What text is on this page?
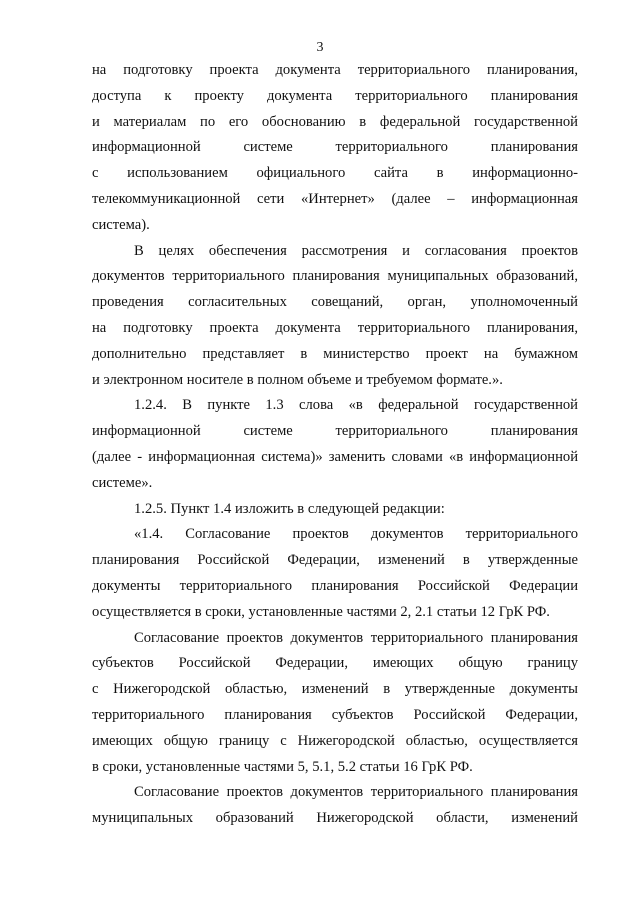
3
на подготовку проекта документа территориального планирования,
доступа к проекту документа территориального планирования
и материалам по его обоснованию в федеральной государственной
информационной системе территориального планирования
с использованием официального сайта в информационно-
телекоммуникационной сети «Интернет» (далее – информационная
система).
В целях обеспечения рассмотрения и согласования проектов
документов территориального планирования муниципальных образований,
проведения согласительных совещаний, орган, уполномоченный
на подготовку проекта документа территориального планирования,
дополнительно представляет в министерство проект на бумажном
и электронном носителе в полном объеме и требуемом формате.».
1.2.4. В пункте 1.3 слова «в федеральной государственной
информационной системе территориального планирования
(далее - информационная система)» заменить словами «в информационной
системе».
1.2.5. Пункт 1.4 изложить в следующей редакции:
«1.4. Согласование проектов документов территориального
планирования Российской Федерации, изменений в утвержденные
документы территориального планирования Российской Федерации
осуществляется в сроки, установленные частями 2, 2.1 статьи 12 ГрК РФ.
Согласование проектов документов территориального планирования
субъектов Российской Федерации, имеющих общую границу
с Нижегородской областью, изменений в утвержденные документы
территориального планирования субъектов Российской Федерации,
имеющих общую границу с Нижегородской областью, осуществляется
в сроки, установленные частями 5, 5.1, 5.2 статьи 16 ГрК РФ.
Согласование проектов документов территориального планирования
муниципальных образований Нижегородской области, изменений
